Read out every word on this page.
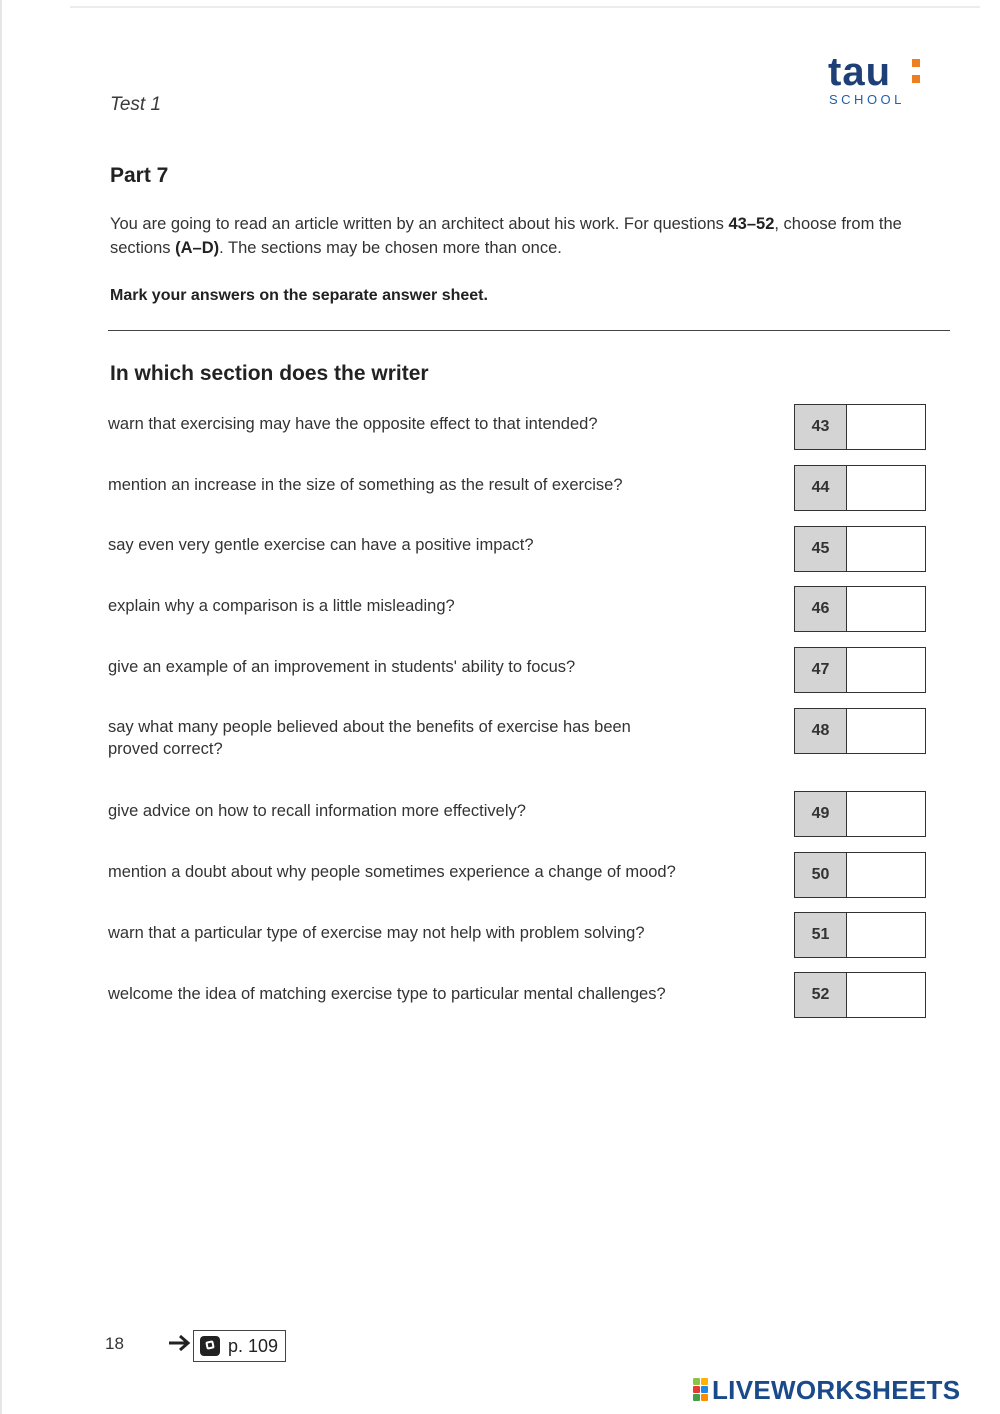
tau
SCHOOL
Test 1
Part 7
You are going to read an article written by an architect about his work. For questions 43–52, choose from the sections (A–D). The sections may be chosen more than once.
Mark your answers on the separate answer sheet.
In which section does the writer
warn that exercising may have the opposite effect to that intended?	43
mention an increase in the size of something as the result of exercise?	44
say even very gentle exercise can have a positive impact?	45
explain why a comparison is a little misleading?	46
give an example of an improvement in students' ability to focus?	47
say what many people believed about the benefits of exercise has been
proved correct?
48
give advice on how to recall information more effectively?	49
mention a doubt about why people sometimes experience a change of mood?	50
warn that a particular type of exercise may not help with problem solving?	51
welcome the idea of matching exercise type to particular mental challenges?	52
18	p. 109
LIVEWORKSHEETS
